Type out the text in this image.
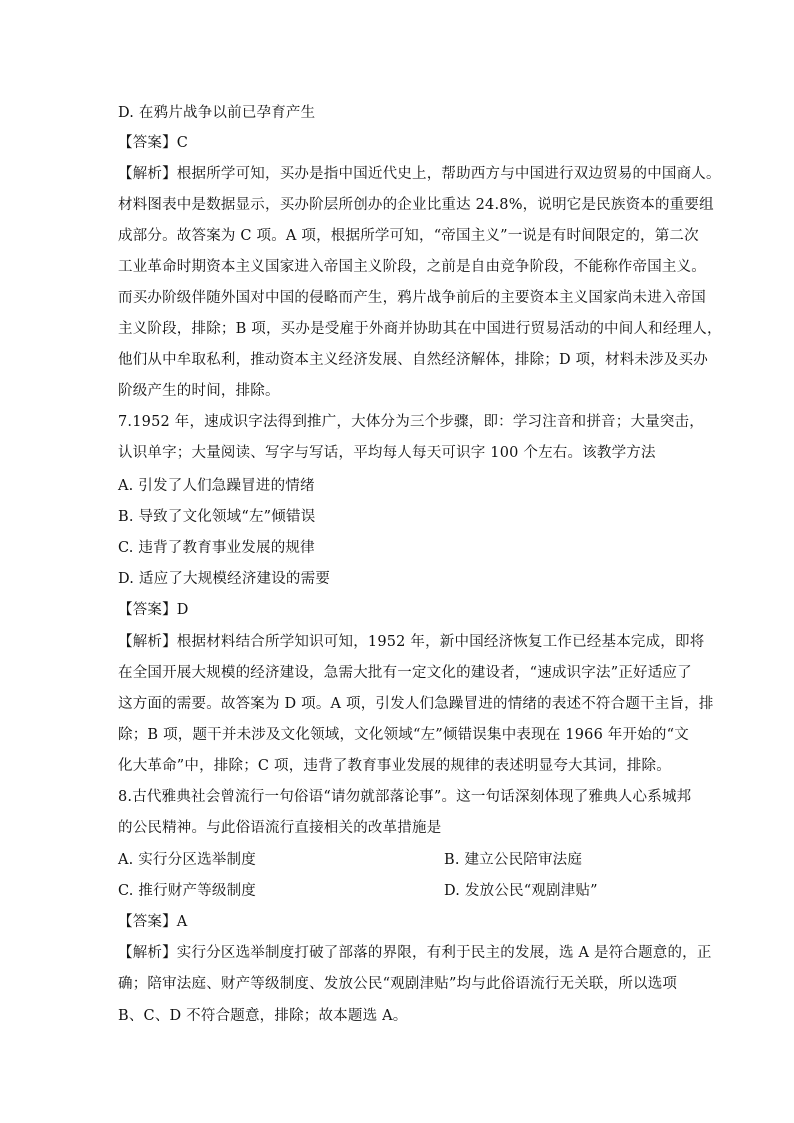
D. 在鸦片战争以前已孕育产生
【答案】C
【解析】根据所学可知，买办是指中国近代史上，帮助西方与中国进行双边贸易的中国商人。
材料图表中是数据显示，买办阶层所创办的企业比重达 24.8%，说明它是民族资本的重要组
成部分。故答案为 C 项。A 项，根据所学可知，“帝国主义”一说是有时间限定的，第二次
工业革命时期资本主义国家进入帝国主义阶段，之前是自由竞争阶段，不能称作帝国主义。
而买办阶级伴随外国对中国的侵略而产生，鸦片战争前后的主要资本主义国家尚未进入帝国
主义阶段，排除；B 项，买办是受雇于外商并协助其在中国进行贸易活动的中间人和经理人，
他们从中牟取私利，推动资本主义经济发展、自然经济解体，排除；D 项，材料未涉及买办
阶级产生的时间，排除。
7.1952 年，速成识字法得到推广，大体分为三个步骤，即：学习注音和拼音；大量突击，
认识单字；大量阅读、写字与写话，平均每人每天可识字 100 个左右。该教学方法
A. 引发了人们急躁冒进的情绪
B. 导致了文化领域“左”倾错误
C. 违背了教育事业发展的规律
D. 适应了大规模经济建设的需要
【答案】D
【解析】根据材料结合所学知识可知，1952 年，新中国经济恢复工作已经基本完成，即将
在全国开展大规模的经济建设，急需大批有一定文化的建设者，“速成识字法”正好适应了
这方面的需要。故答案为 D 项。A 项，引发人们急躁冒进的情绪的表述不符合题干主旨，排
除；B 项，题干并未涉及文化领域，文化领域“左”倾错误集中表现在 1966 年开始的“文
化大革命”中，排除；C 项，违背了教育事业发展的规律的表述明显夸大其词，排除。
8.古代雅典社会曾流行一句俗语“请勿就部落论事”。这一句话深刻体现了雅典人心系城邦
的公民精神。与此俗语流行直接相关的改革措施是
A. 实行分区选举制度	B. 建立公民陪审法庭
C. 推行财产等级制度	D. 发放公民“观剧津贴”
【答案】A
【解析】实行分区选举制度打破了部落的界限，有利于民主的发展，选 A 是符合题意的，正
确；陪审法庭、财产等级制度、发放公民“观剧津贴”均与此俗语流行无关联，所以选项
B、C、D 不符合题意，排除；故本题选 A。
